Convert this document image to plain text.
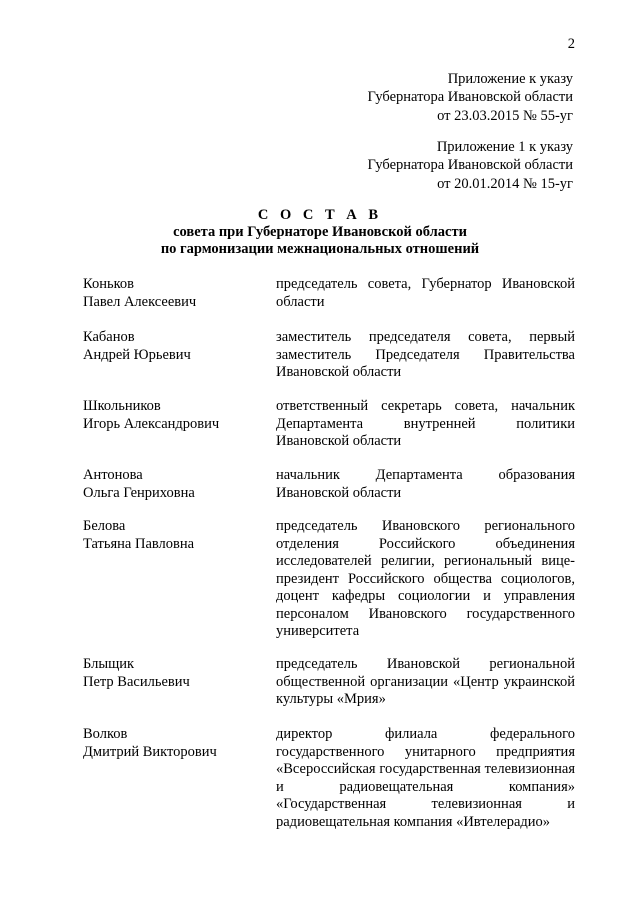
2
Приложение к указу
Губернатора Ивановской области
от 23.03.2015 № 55-уг
Приложение 1 к указу
Губернатора Ивановской области
от 20.01.2014 № 15-уг
С О С Т А В
совета при Губернаторе Ивановской области
по гармонизации межнациональных отношений
Коньков
Павел Алексеевич
председатель совета, Губернатор Ивановской области
Кабанов
Андрей Юрьевич
заместитель председателя совета, первый заместитель Председателя Правительства Ивановской области
Школьников
Игорь Александрович
ответственный секретарь совета, начальник Департамента внутренней политики Ивановской области
Антонова
Ольга Генриховна
начальник Департамента образования Ивановской области
Белова
Татьяна Павловна
председатель Ивановского регионального отделения Российского объединения исследователей религии, региональный вице-президент Российского общества социологов, доцент кафедры социологии и управления персоналом Ивановского государственного университета
Блыщик
Петр Васильевич
председатель Ивановской региональной общественной организации «Центр украинской культуры «Мрия»
Волков
Дмитрий Викторович
директор филиала федерального государственного унитарного предприятия «Всероссийская государственная телевизионная и радиовещательная компания» «Государственная телевизионная и радиовещательная компания «Ивтелерадио»
